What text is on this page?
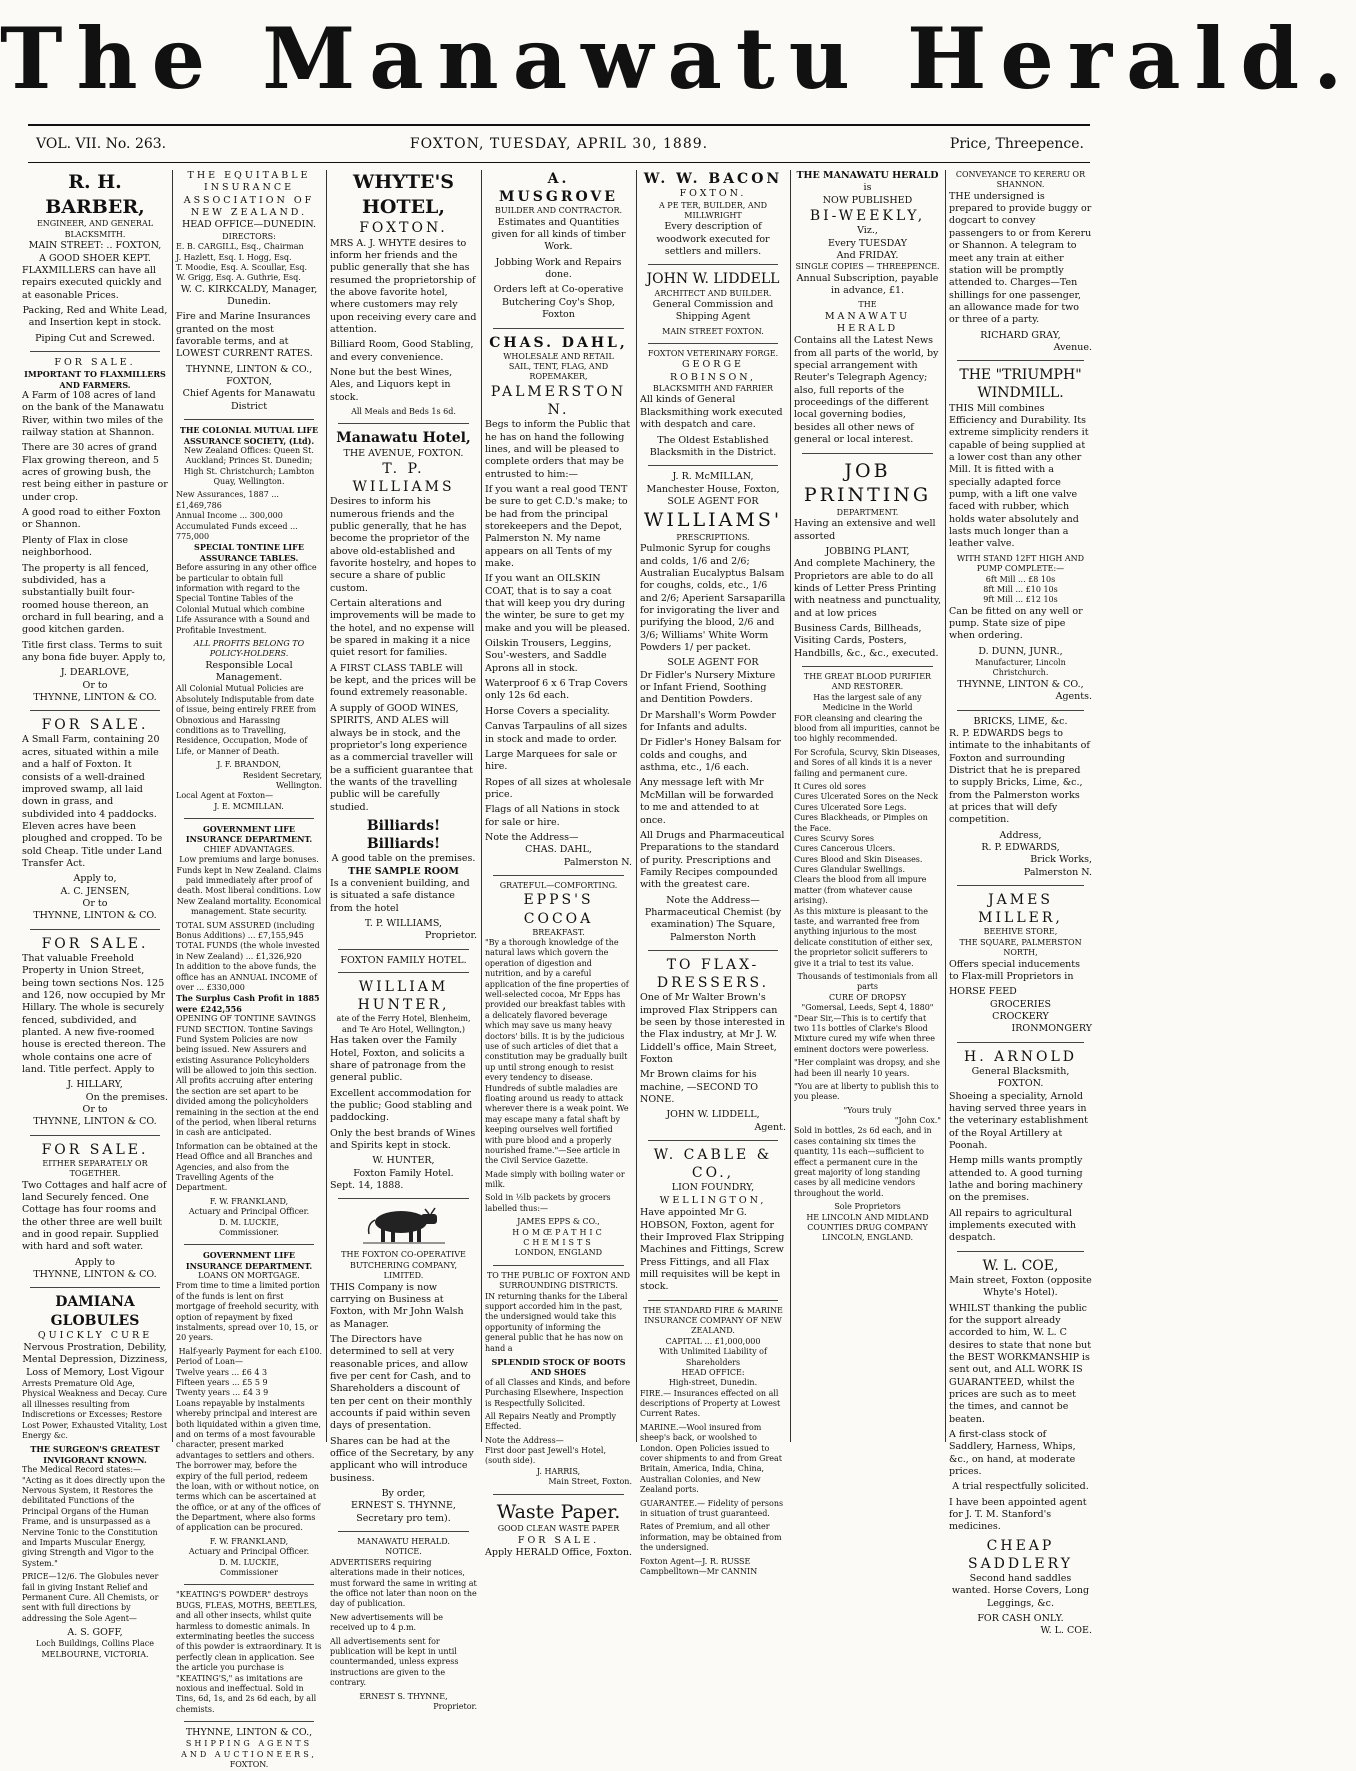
The Manawatu Herald.
VOL. VII. No. 263.	FOXTON, TUESDAY, APRIL 30, 1889.	Price, Threepence.
R. H. BARBER,
ENGINEER, AND GENERAL BLACKSMITH.
MAIN STREET: .. FOXTON,
A GOOD SHOER KEPT.

FLAXMILLERS can have all repairs executed quickly and at easonable Prices.

Packing, Red and White Lead, and Insertion kept in stock.

Piping Cut and Screwed.

FOR SALE.
IMPORTANT TO FLAXMILLERS AND FARMERS.

A Farm of 108 acres of land on the bank of the Manawatu River, within two miles of the railway station at Shannon.

There are 30 acres of grand Flax growing thereon, and 5 acres of growing bush, the rest being either in pasture or under crop.

A good road to either Foxton or Shannon.

Plenty of Flax in close neighborhood.

The property is all fenced, subdivided, has a substantially built four-roomed house thereon, an orchard in full bearing, and a good kitchen garden.

Title first class. Terms to suit any bona fide buyer. Apply to,

J. DEARLOVE,
Or to
THYNNE, LINTON & CO.
FOR SALE.

A Small Farm, containing 20 acres, situated within a mile and a half of Foxton. It consists of a well-drained improved swamp, all laid down in grass, and subdivided into 4 paddocks. Eleven acres have been ploughed and cropped. To be sold Cheap. Title under Land Transfer Act.

Apply to,
A. C. JENSEN,
Or to
THYNNE, LINTON & CO.
FOR SALE.

That valuable Freehold Property in Union Street, being town sections Nos. 125 and 126, now occupied by Mr Hillary. The whole is securely fenced, subdivided, and planted. A new five-roomed house is erected thereon. The whole contains one acre of land. Title perfect. Apply to

J. HILLARY,
On the premises.
Or to
THYNNE, LINTON & CO.
FOR SALE.
EITHER SEPARATELY OR TOGETHER.

Two Cottages and half acre of land Securely fenced. One Cottage has four rooms and the other three are well built and in good repair. Supplied with hard and soft water.

Apply to
THYNNE, LINTON & CO.
DAMIANA GLOBULES
QUICKLY CURE
Nervous Prostration, Debility, Mental Depression, Dizziness, Loss of Memory, Lost Vigour

Arrests Premature Old Age, Physical Weakness and Decay. Cure all illnesses resulting from Indiscretions or Excesses; Restore Lost Power, Exhausted Vitality, Lost Energy &c.

THE SURGEON'S GREATEST INVIGORANT KNOWN.

The Medical Record states:— "Acting as it does directly upon the Nervous System, it Restores the debilitated Functions of the Principal Organs of the Human Frame, and is unsurpassed as a Nervine Tonic to the Constitution and Imparts Muscular Energy, giving Strength and Vigor to the System."

PRICE—12/6. The Globules never fail in giving Instant Relief and Permanent Cure. All Chemists, or sent with full directions by addressing the Sole Agent—

A. S. GOFF,
Loch Buildings, Collins Place
MELBOURNE, VICTORIA.
THE EQUITABLE INSURANCE ASSOCIATION OF NEW ZEALAND.
HEAD OFFICE—DUNEDIN.
DIRECTORS:
E. B. CARGILL, Esq., Chairman
J. Hazlett, Esq. I. Hogg, Esq.
T. Moodie, Esq. A. Scoullar, Esq.
W. Grigg, Esq. A. Guthrie, Esq.

W. C. KIRKCALDY, Manager, Dunedin.

Fire and Marine Insurances granted on the most favorable terms, and at LOWEST CURRENT RATES.

THYNNE, LINTON & CO.,
FOXTON,
Chief Agents for Manawatu District
THE COLONIAL MUTUAL LIFE ASSURANCE SOCIETY, (Ltd).

New Zealand Offices: Queen St. Auckland; Princes St. Dunedin; High St. Christchurch; Lambton Quay, Wellington.

New Assurances, 1887 ... £1,469,786
Annual Income ... 300,000
Accumulated Funds exceed ... 775,000
SPECIAL TONTINE LIFE ASSURANCE TABLES.

Before assuring in any other office be particular to obtain full information with regard to the Special Tontine Tables of the Colonial Mutual which combine Life Assurance with a Sound and Profitable Investment.

ALL PROFITS BELONG TO POLICY-HOLDERS.
Responsible Local Management.

All Colonial Mutual Policies are Absolutely Indisputable from date of issue, being entirely FREE from Obnoxious and Harassing conditions as to Travelling, Residence, Occupation, Mode of Life, or Manner of Death.

J. F. BRANDON,
Resident Secretary,
Wellington.
Local Agent at Foxton—
J. E. MCMILLAN.
GOVERNMENT LIFE INSURANCE DEPARTMENT.
CHIEF ADVANTAGES.

Low premiums and large bonuses. Funds kept in New Zealand. Claims paid immediately after proof of death. Most liberal conditions. Low New Zealand mortality. Economical management. State security.

TOTAL SUM ASSURED (including Bonus Additions) ... £7,155,945
TOTAL FUNDS (the whole invested in New Zealand) ... £1,326,920
In addition to the above funds, the office has an ANNUAL INCOME of over ... £330,000
The Surplus Cash Profit in 1885 were £242,556

OPENING OF TONTINE SAVINGS FUND SECTION. Tontine Savings Fund System Policies are now being issued. New Assurers and existing Assurance Policyholders will be allowed to join this section. All profits accruing after entering the section are set apart to be divided among the policyholders remaining in the section at the end of the period, when liberal returns in cash are anticipated.

Information can be obtained at the Head Office and all Branches and Agencies, and also from the Travelling Agents of the Department.

F. W. FRANKLAND,
Actuary and Principal Officer.
D. M. LUCKIE,
Commissioner.
GOVERNMENT LIFE INSURANCE DEPARTMENT.
LOANS ON MORTGAGE.

From time to time a limited portion of the funds is lent on first mortgage of freehold security, with option of repayment by fixed instalments, spread over 10, 15, or 20 years.

Half-yearly Payment for each £100.
Period of Loan—
Twelve years ... £6 4 3
Fifteen years ... £5 5 9
Twenty years ... £4 3 9

Loans repayable by instalments whereby principal and interest are both liquidated within a given time, and on terms of a most favourable character, present marked advantages to settlers and others. The borrower may, before the expiry of the full period, redeem the loan, with or without notice, on terms which can be ascertained at the office, or at any of the offices of the Department, where also forms of application can be procured.

F. W. FRANKLAND,
Actuary and Principal Officer.
D. M. LUCKIE,
Commissioner

"KEATING'S POWDER" destroys BUGS, FLEAS, MOTHS, BEETLES, and all other insects, whilst quite harmless to domestic animals. In exterminating beetles the success of this powder is extraordinary. It is perfectly clean in application. See the article you purchase is "KEATING'S," as imitations are noxious and ineffectual. Sold in Tins, 6d, 1s, and 2s 6d each, by all chemists.

THYNNE, LINTON & CO.,
SHIPPING AGENTS AND AUCTIONEERS,
FOXTON.
WHYTE'S HOTEL,
FOXTON.

MRS A. J. WHYTE desires to inform her friends and the public generally that she has resumed the proprietorship of the above favorite hotel, where customers may rely upon receiving every care and attention.

Billiard Room, Good Stabling, and every convenience.

None but the best Wines, Ales, and Liquors kept in stock.

All Meals and Beds 1s 6d.
Manawatu Hotel,
THE AVENUE, FOXTON.
T. P. WILLIAMS

Desires to inform his numerous friends and the public generally, that he has become the proprietor of the above old-established and favorite hostelry, and hopes to secure a share of public custom.

Certain alterations and improvements will be made to the hotel, and no expense will be spared in making it a nice quiet resort for families.

A FIRST CLASS TABLE will be kept, and the prices will be found extremely reasonable.

A supply of GOOD WINES, SPIRITS, AND ALES will always be in stock, and the proprietor's long experience as a commercial traveller will be a sufficient guarantee that the wants of the travelling public will be carefully studied.

Billiards! Billiards!
A good table on the premises.
THE SAMPLE ROOM

Is a convenient building, and is situated a safe distance from the hotel

T. P. WILLIAMS,
Proprietor.
FOXTON FAMILY HOTEL.
WILLIAM HUNTER,
ate of the Ferry Hotel, Blenheim, and Te Aro Hotel, Wellington,)

Has taken over the Family Hotel, Foxton, and solicits a share of patronage from the general public.

Excellent accommodation for the public; Good stabling and paddocking.

Only the best brands of Wines and Spirits kept in stock.

W. HUNTER,
Foxton Family Hotel.
Sept. 14, 1888.
THE FOXTON CO-OPERATIVE BUTCHERING COMPANY, LIMITED.

THIS Company is now carrying on Business at Foxton, with Mr John Walsh as Manager.

The Directors have determined to sell at very reasonable prices, and allow five per cent for Cash, and to Shareholders a discount of ten per cent on their monthly accounts if paid within seven days of presentation.

Shares can be had at the office of the Secretary, by any applicant who will introduce business.

By order,
ERNEST S. THYNNE,
Secretary pro tem).
MANAWATU HERALD.
NOTICE.

ADVERTISERS requiring alterations made in their notices, must forward the same in writing at the office not later than noon on the day of publication.

New advertisements will be received up to 4 p.m.

All advertisements sent for publication will be kept in until countermanded, unless express instructions are given to the contrary.

ERNEST S. THYNNE,
Proprietor.
A. MUSGROVE
BUILDER AND CONTRACTOR.

Estimates and Quantities given for all kinds of timber Work.

Jobbing Work and Repairs done.

Orders left at Co-operative Butchering Coy's Shop, Foxton

CHAS. DAHL,
WHOLESALE AND RETAIL
SAIL, TENT, FLAG, AND ROPEMAKER,
PALMERSTON N.

Begs to inform the Public that he has on hand the following lines, and will be pleased to complete orders that may be entrusted to him:—

If you want a real good TENT be sure to get C.D.'s make; to be had from the principal storekeepers and the Depot, Palmerston N. My name appears on all Tents of my make.

If you want an OILSKIN COAT, that is to say a coat that will keep you dry during the winter, be sure to get my make and you will be pleased.

Oilskin Trousers, Leggins, Sou'-westers, and Saddle Aprons all in stock.

Waterproof 6 x 6 Trap Covers only 12s 6d each.

Horse Covers a speciality.

Canvas Tarpaulins of all sizes in stock and made to order.

Large Marquees for sale or hire.

Ropes of all sizes at wholesale price.

Flags of all Nations in stock for sale or hire.

Note the Address—
CHAS. DAHL,
Palmerston N.
GRATEFUL—COMFORTING.
EPPS'S COCOA
BREAKFAST.

"By a thorough knowledge of the natural laws which govern the operation of digestion and nutrition, and by a careful application of the fine properties of well-selected cocoa, Mr Epps has provided our breakfast tables with a delicately flavored beverage which may save us many heavy doctors' bills. It is by the judicious use of such articles of diet that a constitution may be gradually built up until strong enough to resist every tendency to disease. Hundreds of subtle maladies are floating around us ready to attack wherever there is a weak point. We may escape many a fatal shaft by keeping ourselves well fortified with pure blood and a properly nourished frame."—See article in the Civil Service Gazette.

Made simply with boiling water or milk.

Sold in ½lb packets by grocers labelled thus:—

JAMES EPPS & CO.,
HOMŒPATHIC CHEMISTS
LONDON, ENGLAND
TO THE PUBLIC OF FOXTON AND SURROUNDING DISTRICTS.

IN returning thanks for the Liberal support accorded him in the past, the undersigned would take this opportunity of informing the general public that he has now on hand a

SPLENDID STOCK OF BOOTS AND SHOES

of all Classes and Kinds, and before Purchasing Elsewhere, Inspection is Respectfully Solicited.

All Repairs Neatly and Promptly Effected.

Note the Address—
First door past Jewell's Hotel, (south side).
J. HARRIS,
Main Street, Foxton.
Waste Paper.
GOOD CLEAN WASTE PAPER
FOR SALE.
Apply HERALD Office, Foxton.
W. W. BACON
FOXTON.
A PE TER, BUILDER, AND MILLWRIGHT

Every description of woodwork executed for settlers and millers.

JOHN W. LIDDELL
ARCHITECT AND BUILDER.

General Commission and Shipping Agent

MAIN STREET FOXTON.
FOXTON VETERINARY FORGE.
GEORGE ROBINSON,
BLACKSMITH AND FARRIER

All kinds of General Blacksmithing work executed with despatch and care.

The Oldest Established Blacksmith in the District.

J. R. McMILLAN,
Manchester House, Foxton,
SOLE AGENT FOR
WILLIAMS'
PRESCRIPTIONS.

Pulmonic Syrup for coughs and colds, 1/6 and 2/6; Australian Eucalyptus Balsam for coughs, colds, etc., 1/6 and 2/6; Aperient Sarsaparilla for invigorating the liver and purifying the blood, 2/6 and 3/6; Williams' White Worm Powders 1/ per packet.

SOLE AGENT FOR

Dr Fidler's Nursery Mixture or Infant Friend, Soothing and Dentition Powders.

Dr Marshall's Worm Powder for Infants and adults.

Dr Fidler's Honey Balsam for colds and coughs, and asthma, etc., 1/6 each.

Any message left with Mr McMillan will be forwarded to me and attended to at once.

All Drugs and Pharmaceutical Preparations to the standard of purity. Prescriptions and Family Recipes compounded with the greatest care.

Note the Address—
Pharmaceutical Chemist (by examination) The Square, Palmerston North
TO FLAX-DRESSERS.

One of Mr Walter Brown's improved Flax Strippers can be seen by those interested in the Flax industry, at Mr J. W. Liddell's office, Main Street, Foxton

Mr Brown claims for his machine, —SECOND TO NONE.

JOHN W. LIDDELL,
Agent.
W. CABLE & CO.,
LION FOUNDRY,
WELLINGTON,

Have appointed Mr G. HOBSON, Foxton, agent for their Improved Flax Stripping Machines and Fittings, Screw Press Fittings, and all Flax mill requisites will be kept in stock.

THE STANDARD FIRE & MARINE INSURANCE COMPANY OF NEW ZEALAND.
CAPITAL ... £1,000,000
With Unlimited Liability of Shareholders
HEAD OFFICE:
High-street, Dunedin.

FIRE.— Insurances effected on all descriptions of Property at Lowest Current Rates.

MARINE.—Wool insured from sheep's back, or woolshed to London. Open Policies issued to cover shipments to and from Great Britain, America, India, China, Australian Colonies, and New Zealand ports.

GUARANTEE.— Fidelity of persons in situation of trust guaranteed.

Rates of Premium, and all other information, may be obtained from the undersigned.

Foxton Agent—J. R. RUSSE
Campbelltown—Mr CANNIN
THE MANAWATU HERALD
is
NOW PUBLISHED
BI-WEEKLY,
Viz.,
Every TUESDAY
And FRIDAY.
SINGLE COPIES — THREEPENCE.

Annual Subscription, payable in advance, £1.

THE
MANAWATU HERALD

Contains all the Latest News from all parts of the world, by special arrangement with Reuter's Telegraph Agency; also, full reports of the proceedings of the different local governing bodies, besides all other news of general or local interest.

JOB PRINTING
DEPARTMENT.

Having an extensive and well assorted

JOBBING PLANT,

And complete Machinery, the Proprietors are able to do all kinds of Letter Press Printing with neatness and punctuality, and at low prices

Business Cards, Billheads, Visiting Cards, Posters, Handbills, &c., &c., executed.

THE GREAT BLOOD PURIFIER
AND RESTORER.
Has the largest sale of any Medicine in the World

FOR cleansing and clearing the blood from all impurities, cannot be too highly recommended.

For Scrofula, Scurvy, Skin Diseases, and Sores of all kinds it is a never failing and permanent cure.

It Cures old sores
Cures Ulcerated Sores on the Neck
Cures Ulcerated Sore Legs.
Cures Blackheads, or Pimples on the Face.
Cures Scurvy Sores
Cures Cancerous Ulcers.
Cures Blood and Skin Diseases.
Cures Glandular Swellings.
Clears the blood from all impure matter (from whatever cause arising).

As this mixture is pleasant to the taste, and warranted free from anything injurious to the most delicate constitution of either sex, the proprietor solicit sufferers to give it a trial to test its value.

Thousands of testimonials from all parts
CURE OF DROPSY
"Gomersal, Leeds, Sept 4, 1880"

"Dear Sir,—This is to certify that two 11s bottles of Clarke's Blood Mixture cured my wife when three eminent doctors were powerless.

"Her complaint was dropsy, and she had been ill nearly 10 years.

"You are at liberty to publish this to you please.

"Yours truly
"John Cox."

Sold in bottles, 2s 6d each, and in cases containing six times the quantity, 11s each—sufficient to effect a permanent cure in the great majority of long standing cases by all medicine vendors throughout the world.

Sole Proprietors
HE LINCOLN AND MIDLAND
COUNTIES DRUG COMPANY
LINCOLN, ENGLAND.
CONVEYANCE TO KERERU OR SHANNON.

THE undersigned is prepared to provide buggy or dogcart to convey passengers to or from Kereru or Shannon. A telegram to meet any train at either station will be promptly attended to. Charges—Ten shillings for one passenger, an allowance made for two or three of a party.

RICHARD GRAY,
Avenue.
THE "TRIUMPH" WINDMILL.

THIS Mill combines Efficiency and Durability. Its extreme simplicity renders it capable of being supplied at a lower cost than any other Mill. It is fitted with a specially adapted force pump, with a lift one valve faced with rubber, which holds water absolutely and lasts much longer than a leather valve.

WITH STAND 12FT HIGH AND PUMP COMPLETE:—
6ft Mill ... £8 10s
8ft Mill ... £10 10s
9ft Mill ... £12 10s

Can be fitted on any well or pump. State size of pipe when ordering.

D. DUNN, JUNR.,
Manufacturer, Lincoln Christchurch.
THYNNE, LINTON & CO.,
Agents.
BRICKS, LIME, &c.

R. P. EDWARDS begs to intimate to the inhabitants of Foxton and surrounding District that he is prepared to supply Bricks, Lime, &c., from the Palmerston works at prices that will defy competition.

Address,
R. P. EDWARDS,
Brick Works,
Palmerston N.
JAMES MILLER,
BEEHIVE STORE,
THE SQUARE, PALMERSTON NORTH,

Offers special inducements to Flax-mill Proprietors in

HORSE FEED
GROCERIES
CROCKERY
IRONMONGERY
H. ARNOLD
General Blacksmith,
FOXTON.

Shoeing a speciality, Arnold having served three years in the veterinary establishment of the Royal Artillery at Poonah.

Hemp mills wants promptly attended to. A good turning lathe and boring machinery on the premises.

All repairs to agricultural implements executed with despatch.

W. L. COE,

Main street, Foxton (opposite Whyte's Hotel).

WHILST thanking the public for the support already accorded to him, W. L. C desires to state that none but the BEST WORKMANSHIP is sent out, and ALL WORK IS GUARANTEED, whilst the prices are such as to meet the times, and cannot be beaten.

A first-class stock of Saddlery, Harness, Whips, &c., on hand, at moderate prices.

A trial respectfully solicited.

I have been appointed agent for J. T. M. Stanford's medicines.

CHEAP SADDLERY

Second hand saddles wanted. Horse Covers, Long Leggings, &c.

FOR CASH ONLY.
W. L. COE.
